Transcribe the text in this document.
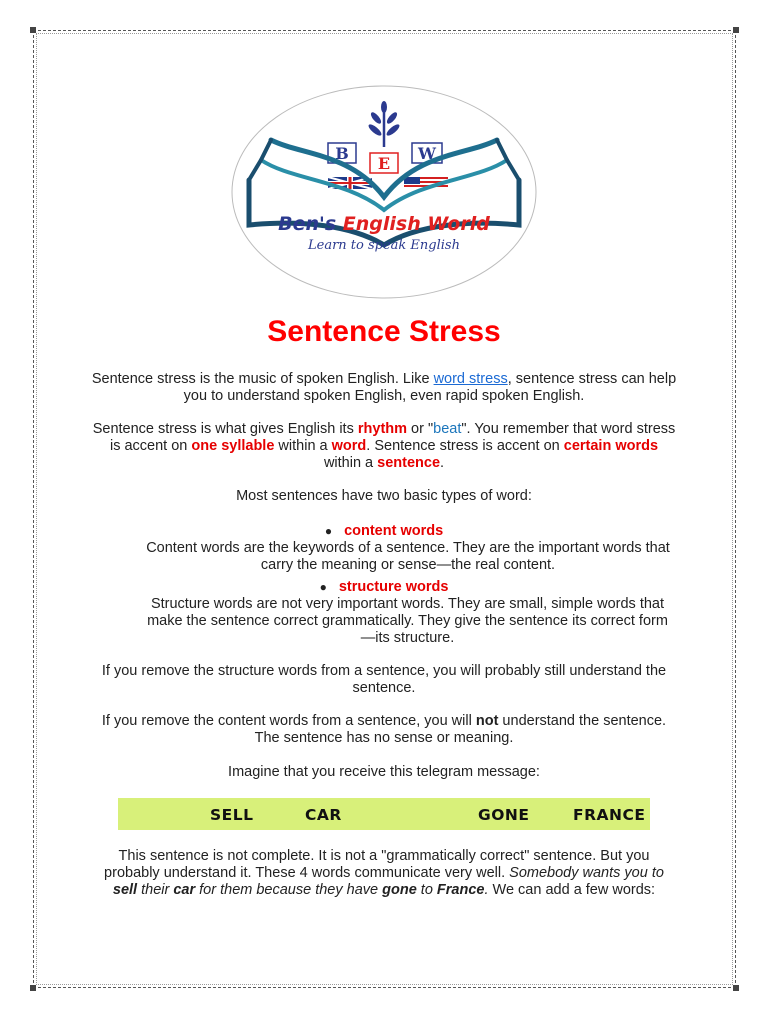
B
E
W
Ben's English World
Learn to speak English
Sentence Stress
Sentence stress is the music of spoken English. Like word stress, sentence stress can help you to understand spoken English, even rapid spoken English.
Sentence stress is what gives English its rhythm or "beat". You remember that word stress is accent on one syllable within a word. Sentence stress is accent on certain words within a sentence.
Most sentences have two basic types of word:
● content words
Content words are the keywords of a sentence. They are the important words that carry the meaning or sense—the real content.
● structure words
Structure words are not very important words. They are small, simple words that make the sentence correct grammatically. They give the sentence its correct form—its structure.
If you remove the structure words from a sentence, you will probably still understand the sentence.
If you remove the content words from a sentence, you will not understand the sentence. The sentence has no sense or meaning.
Imagine that you receive this telegram message:
SELL	CAR	GONE	FRANCE
This sentence is not complete. It is not a "grammatically correct" sentence. But you probably understand it. These 4 words communicate very well. Somebody wants you to sell their car for them because they have gone to France. We can add a few words:
